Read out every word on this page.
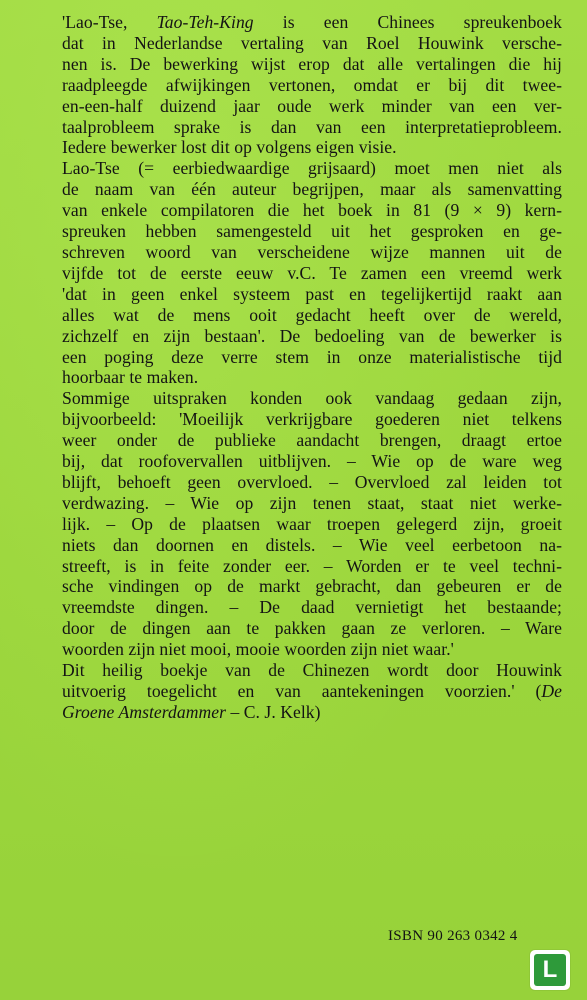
'Lao-Tse, Tao-Teh-King is een Chinees spreukenboek
dat in Nederlandse vertaling van Roel Houwink versche-
nen is. De bewerking wijst erop dat alle vertalingen die hij
raadpleegde afwijkingen vertonen, omdat er bij dit twee-
en-een-half duizend jaar oude werk minder van een ver-
taalprobleem sprake is dan van een interpretatieprobleem.
Iedere bewerker lost dit op volgens eigen visie.

Lao-Tse (= eerbiedwaardige grijsaard) moet men niet als
de naam van één auteur begrijpen, maar als samenvatting
van enkele compilatoren die het boek in 81 (9 × 9) kern-
spreuken hebben samengesteld uit het gesproken en ge-
schreven woord van verscheidene wijze mannen uit de
vijfde tot de eerste eeuw v.C. Te zamen een vreemd werk
'dat in geen enkel systeem past en tegelijkertijd raakt aan
alles wat de mens ooit gedacht heeft over de wereld,
zichzelf en zijn bestaan'. De bedoeling van de bewerker is
een poging deze verre stem in onze materialistische tijd
hoorbaar te maken.

Sommige uitspraken konden ook vandaag gedaan zijn,
bijvoorbeeld: 'Moeilijk verkrijgbare goederen niet telkens
weer onder de publieke aandacht brengen, draagt ertoe
bij, dat roofovervallen uitblijven. – Wie op de ware weg
blijft, behoeft geen overvloed. – Overvloed zal leiden tot
verdwazing. – Wie op zijn tenen staat, staat niet werke-
lijk. – Op de plaatsen waar troepen gelegerd zijn, groeit
niets dan doornen en distels. – Wie veel eerbetoon na-
streeft, is in feite zonder eer. – Worden er te veel techni-
sche vindingen op de markt gebracht, dan gebeuren er de
vreemdste dingen. – De daad vernietigt het bestaande;
door de dingen aan te pakken gaan ze verloren. – Ware
woorden zijn niet mooi, mooie woorden zijn niet waar.'

Dit heilig boekje van de Chinezen wordt door Houwink
uitvoerig toegelicht en van aantekeningen voorzien.' (De
Groene Amsterdammer – C. J. Kelk)

ISBN 90 263 0342 4
L
